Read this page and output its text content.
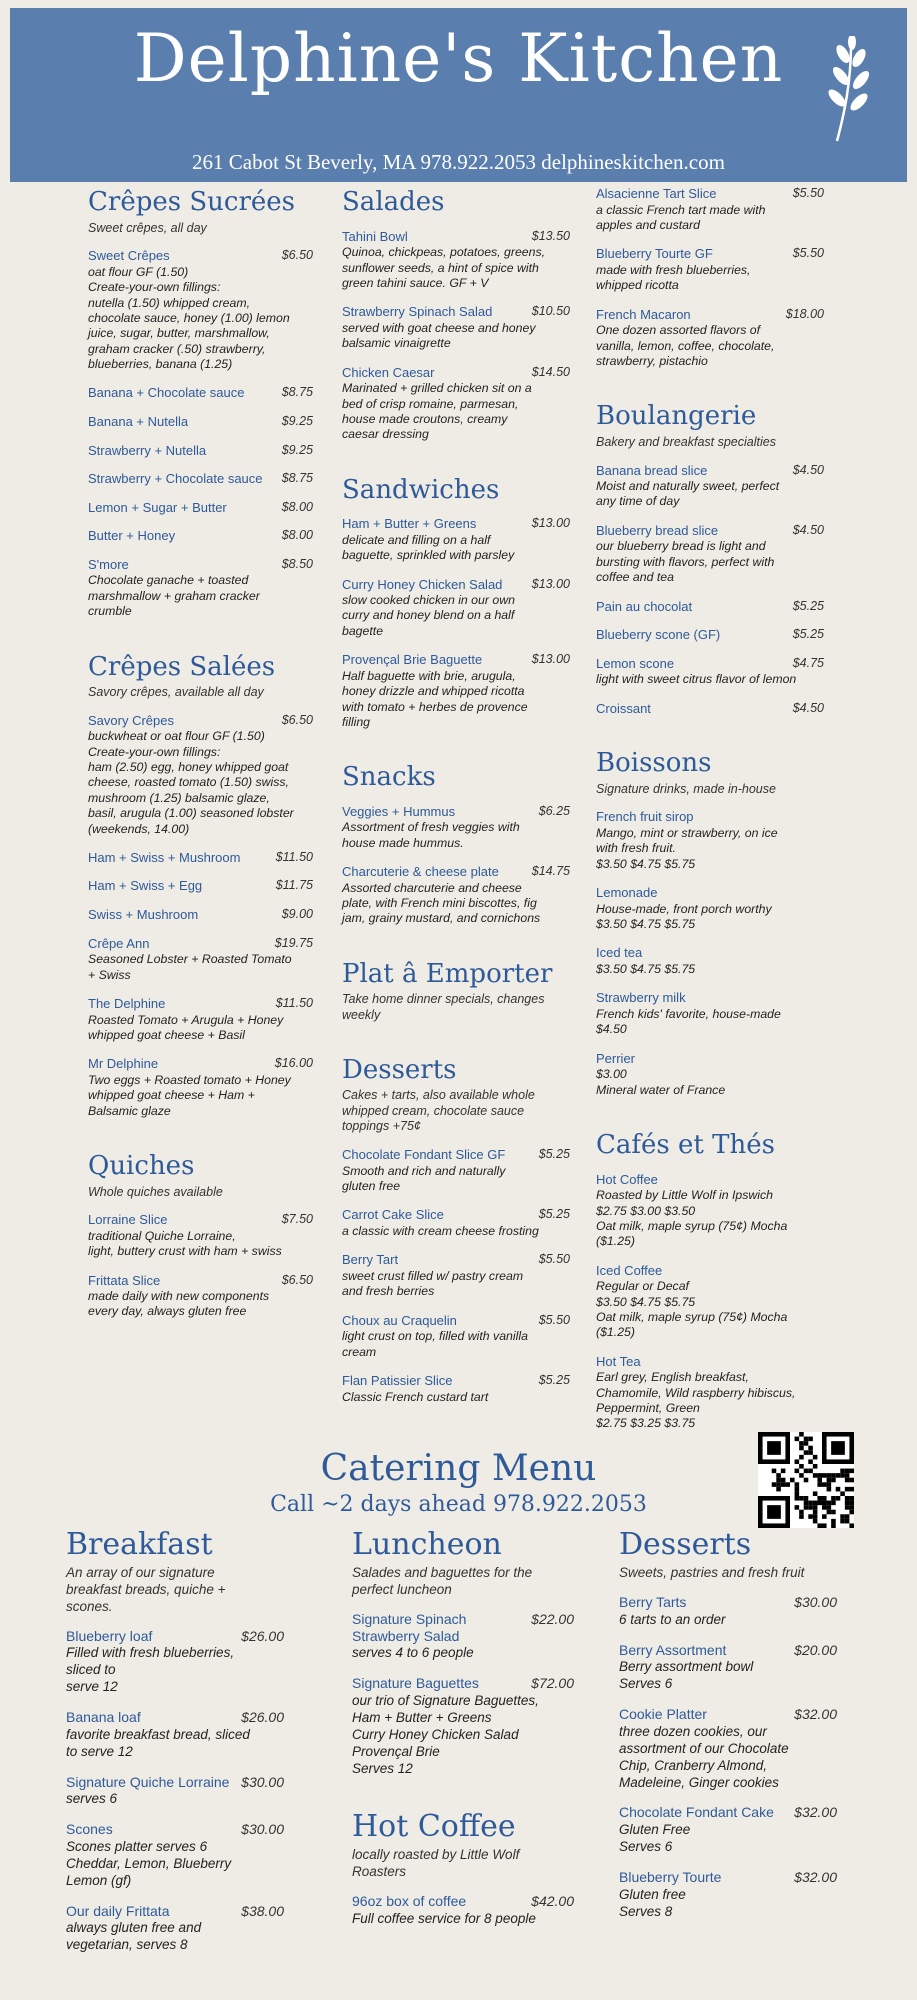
Delphine's Kitchen
261 Cabot St Beverly, MA 978.922.2053 delphineskitchen.com
Crêpes Sucrées
Sweet crêpes, all day
Sweet Crêpes	$6.50
oat flour GF (1.50)
Create-your-own fillings:
nutella (1.50) whipped cream,
chocolate sauce, honey (1.00) lemon
juice, sugar, butter, marshmallow,
graham cracker (.50) strawberry,
blueberries, banana (1.25)
Banana + Chocolate sauce	$8.75
Banana + Nutella	$9.25
Strawberry + Nutella	$9.25
Strawberry + Chocolate sauce	$8.75
Lemon + Sugar + Butter	$8.00
Butter + Honey	$8.00
S'more	$8.50
Chocolate ganache + toasted
marshmallow + graham cracker
crumble
Crêpes Salées
Savory crêpes, available all day
Savory Crêpes	$6.50
buckwheat or oat flour GF (1.50)
Create-your-own fillings:
ham (2.50) egg, honey whipped goat
cheese, roasted tomato (1.50) swiss,
mushroom (1.25) balsamic glaze,
basil, arugula (1.00) seasoned lobster
(weekends, 14.00)
Ham + Swiss + Mushroom	$11.50
Ham + Swiss + Egg	$11.75
Swiss + Mushroom	$9.00
Crêpe Ann	$19.75
Seasoned Lobster + Roasted Tomato
+ Swiss
The Delphine	$11.50
Roasted Tomato + Arugula + Honey
whipped goat cheese + Basil
Mr Delphine	$16.00
Two eggs + Roasted tomato + Honey
whipped goat cheese + Ham +
Balsamic glaze
Quiches
Whole quiches available
Lorraine Slice	$7.50
traditional Quiche Lorraine,
light, buttery crust with ham + swiss
Frittata Slice	$6.50
made daily with new components
every day, always gluten free
Salades
Tahini Bowl	$13.50
Quinoa, chickpeas, potatoes, greens,
sunflower seeds, a hint of spice with
green tahini sauce. GF + V
Strawberry Spinach Salad	$10.50
served with goat cheese and honey
balsamic vinaigrette
Chicken Caesar	$14.50
Marinated + grilled chicken sit on a
bed of crisp romaine, parmesan,
house made croutons, creamy
caesar dressing
Sandwiches
Ham + Butter + Greens	$13.00
delicate and filling on a half
baguette, sprinkled with parsley
Curry Honey Chicken Salad	$13.00
slow cooked chicken in our own
curry and honey blend on a half
bagette
Provençal Brie Baguette	$13.00
Half baguette with brie, arugula,
honey drizzle and whipped ricotta
with tomato + herbes de provence
filling
Snacks
Veggies + Hummus	$6.25
Assortment of fresh veggies with
house made hummus.
Charcuterie & cheese plate	$14.75
Assorted charcuterie and cheese
plate, with French mini biscottes, fig
jam, grainy mustard, and cornichons
Plat â Emporter
Take home dinner specials, changes
weekly
Desserts
Cakes + tarts, also available whole
whipped cream, chocolate sauce
toppings +75¢
Chocolate Fondant Slice GF	$5.25
Smooth and rich and naturally
gluten free
Carrot Cake Slice	$5.25
a classic with cream cheese frosting
Berry Tart	$5.50
sweet crust filled w/ pastry cream
and fresh berries
Choux au Craquelin	$5.50
light crust on top, filled with vanilla
cream
Flan Patissier Slice	$5.25
Classic French custard tart
Alsacienne Tart Slice	$5.50
a classic French tart made with
apples and custard
Blueberry Tourte GF	$5.50
made with fresh blueberries,
whipped ricotta
French Macaron	$18.00
One dozen assorted flavors of
vanilla, lemon, coffee, chocolate,
strawberry, pistachio
Boulangerie
Bakery and breakfast specialties
Banana bread slice	$4.50
Moist and naturally sweet, perfect
any time of day
Blueberry bread slice	$4.50
our blueberry bread is light and
bursting with flavors, perfect with
coffee and tea
Pain au chocolat	$5.25
Blueberry scone (GF)	$5.25
Lemon scone	$4.75
light with sweet citrus flavor of lemon
Croissant	$4.50
Boissons
Signature drinks, made in-house
French fruit sirop
Mango, mint or strawberry, on ice
with fresh fruit.
$3.50 $4.75 $5.75
Lemonade
House-made, front porch worthy
$3.50 $4.75 $5.75
Iced tea
$3.50 $4.75 $5.75
Strawberry milk
French kids' favorite, house-made
$4.50
Perrier
$3.00
Mineral water of France
Cafés et Thés
Hot Coffee
Roasted by Little Wolf in Ipswich
$2.75 $3.00 $3.50
Oat milk, maple syrup (75¢) Mocha
($1.25)
Iced Coffee
Regular or Decaf
$3.50 $4.75 $5.75
Oat milk, maple syrup (75¢) Mocha
($1.25)
Hot Tea
Earl grey, English breakfast,
Chamomile, Wild raspberry hibiscus,
Peppermint, Green
$2.75 $3.25 $3.75
Catering Menu
Call ~2 days ahead 978.922.2053
Breakfast
An array of our signature
breakfast breads, quiche +
scones.
Blueberry loaf	$26.00
Filled with fresh blueberries,
sliced to
serve 12
Banana loaf	$26.00
favorite breakfast bread, sliced
to serve 12
Signature Quiche Lorraine $30.00
serves 6
Scones	$30.00
Scones platter serves 6
Cheddar, Lemon, Blueberry
Lemon (gf)
Our daily Frittata	$38.00
always gluten free and
vegetarian, serves 8
Luncheon
Salades and baguettes for the
perfect luncheon
Signature Spinach Strawberry Salad
$22.00
serves 4 to 6 people
Signature Baguettes	$72.00
our trio of Signature Baguettes,
Ham + Butter + Greens
Curry Honey Chicken Salad
Provençal Brie
Serves 12
Hot Coffee
locally roasted by Little Wolf
Roasters
96oz box of coffee	$42.00
Full coffee service for 8 people
Desserts
Sweets, pastries and fresh fruit
Berry Tarts	$30.00
6 tarts to an order
Berry Assortment	$20.00
Berry assortment bowl
Serves 6
Cookie Platter	$32.00
three dozen cookies, our
assortment of our Chocolate
Chip, Cranberry Almond,
Madeleine, Ginger cookies
Chocolate Fondant Cake	$32.00
Gluten Free
Serves 6
Blueberry Tourte	$32.00
Gluten free
Serves 8
